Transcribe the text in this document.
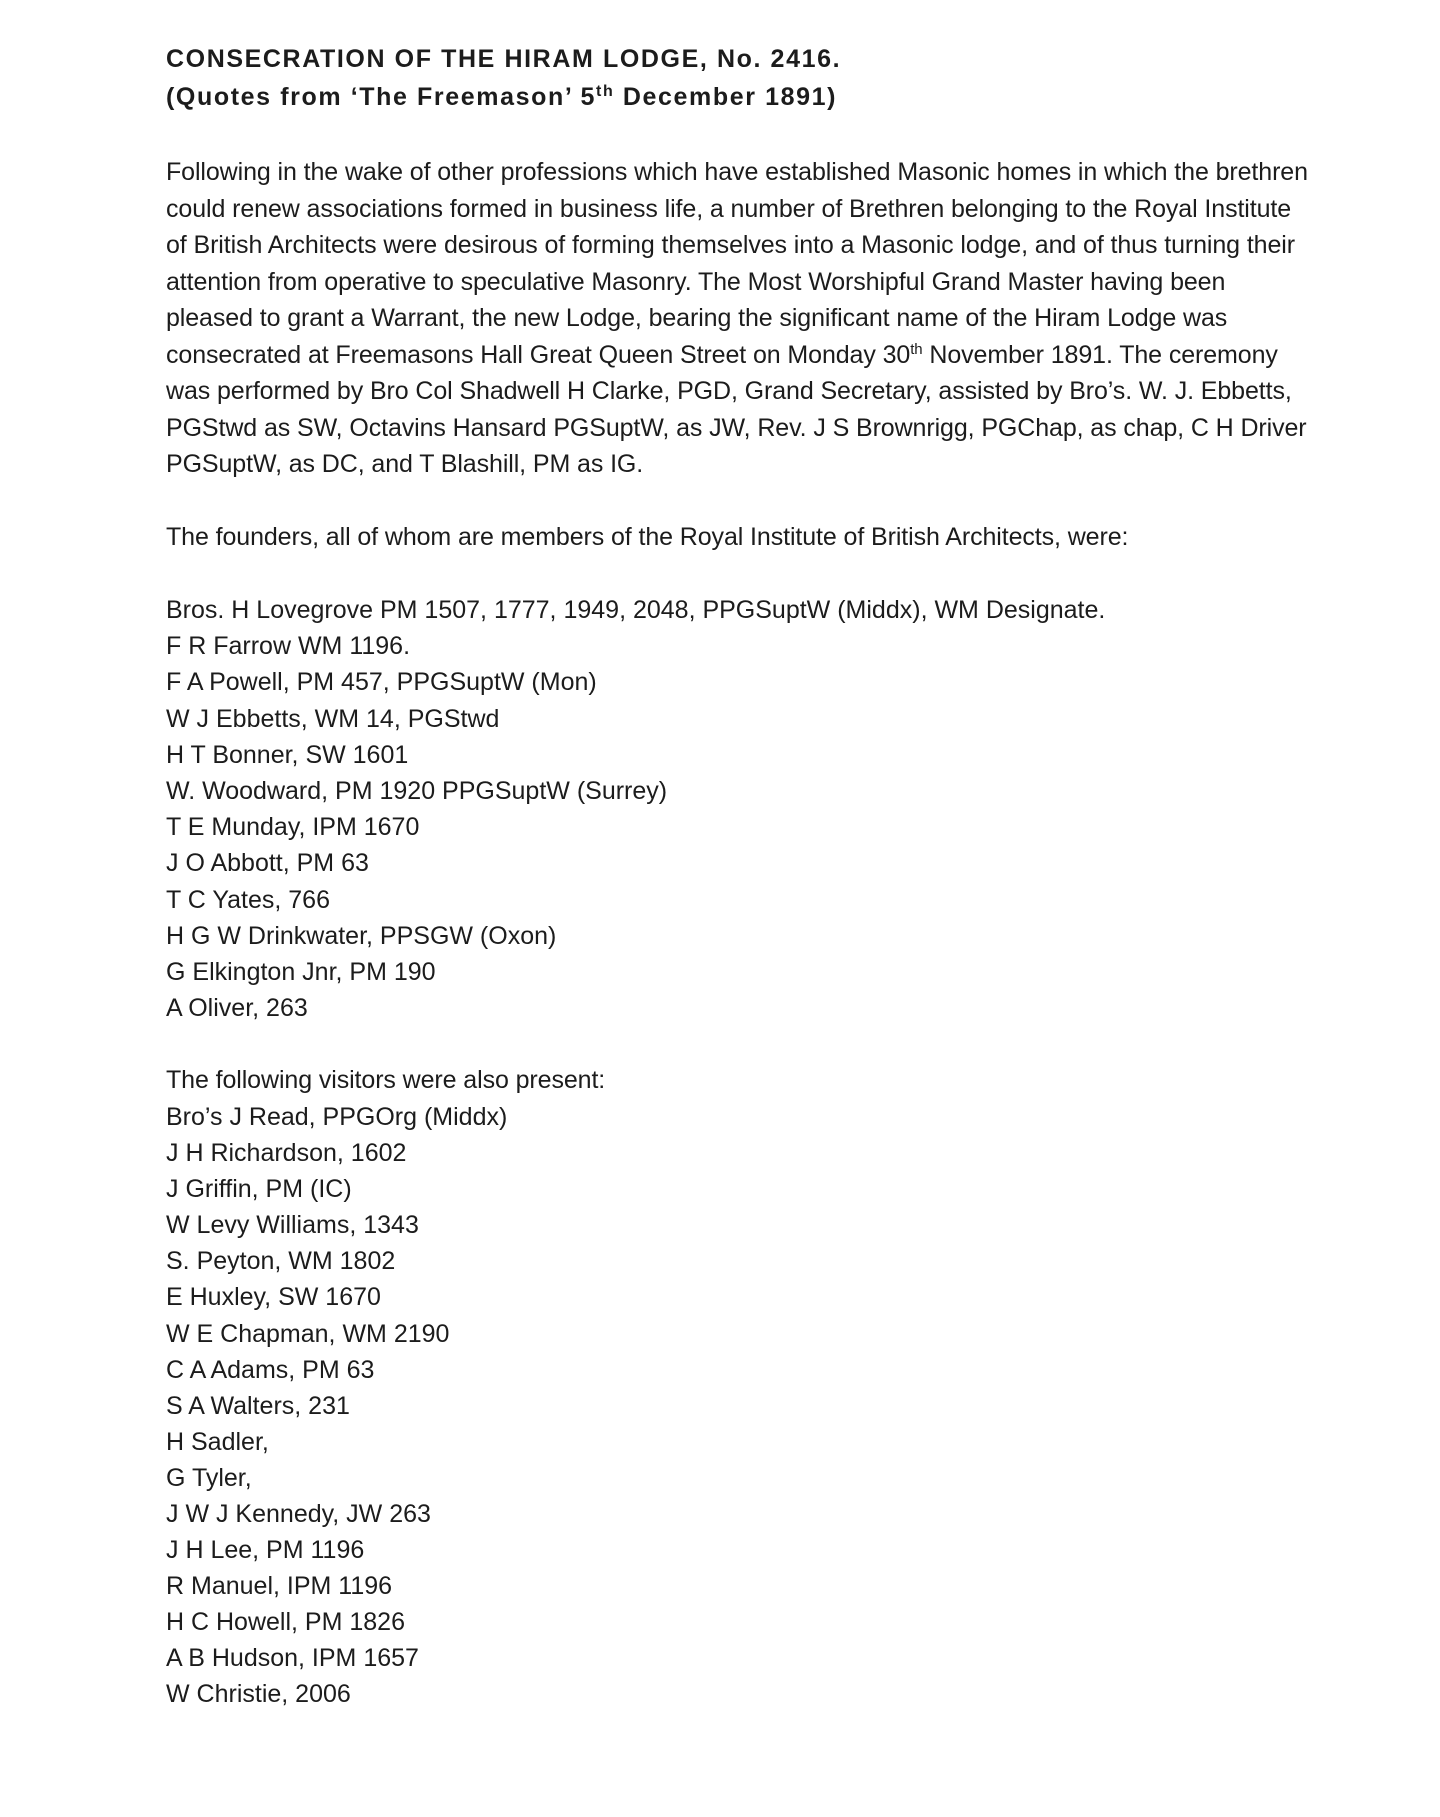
CONSECRATION OF THE HIRAM LODGE, No. 2416.
(Quotes from ‘The Freemason’ 5th December 1891)

Following in the wake of other professions which have established Masonic homes in which the brethren could renew associations formed in business life, a number of Brethren belonging to the Royal Institute of British Architects were desirous of forming themselves into a Masonic lodge, and of thus turning their attention from operative to speculative Masonry. The Most Worshipful Grand Master having been pleased to grant a Warrant, the new Lodge, bearing the significant name of the Hiram Lodge was consecrated at Freemasons Hall Great Queen Street on Monday 30th November 1891. The ceremony was performed by Bro Col Shadwell H Clarke, PGD, Grand Secretary, assisted by Bro’s. W. J. Ebbetts, PGStwd as SW, Octavins Hansard PGSuptW, as JW, Rev. J S Brownrigg, PGChap, as chap, C H Driver PGSuptW, as DC, and T Blashill, PM as IG.

The founders, all of whom are members of the Royal Institute of British Architects, were:

Bros. H Lovegrove PM 1507, 1777, 1949, 2048, PPGSuptW (Middx), WM Designate.
F R Farrow WM 1196.
F A Powell, PM 457, PPGSuptW (Mon)
W J Ebbetts, WM 14, PGStwd
H T Bonner, SW 1601
W. Woodward, PM 1920 PPGSuptW (Surrey)
T E Munday, IPM 1670
J O Abbott, PM 63
T C Yates, 766
H G W Drinkwater, PPSGW (Oxon)
G Elkington Jnr, PM 190
A Oliver, 263

The following visitors were also present:

Bro’s J Read, PPGOrg (Middx)
J H Richardson, 1602
J Griffin, PM (IC)
W Levy Williams, 1343
S. Peyton, WM 1802
E Huxley, SW 1670
W E Chapman, WM 2190
C A Adams, PM 63
S A Walters, 231
H Sadler,
G Tyler,
J W J Kennedy, JW 263
J H Lee, PM 1196
R Manuel, IPM 1196
H C Howell, PM 1826
A B Hudson, IPM 1657
W Christie, 2006
